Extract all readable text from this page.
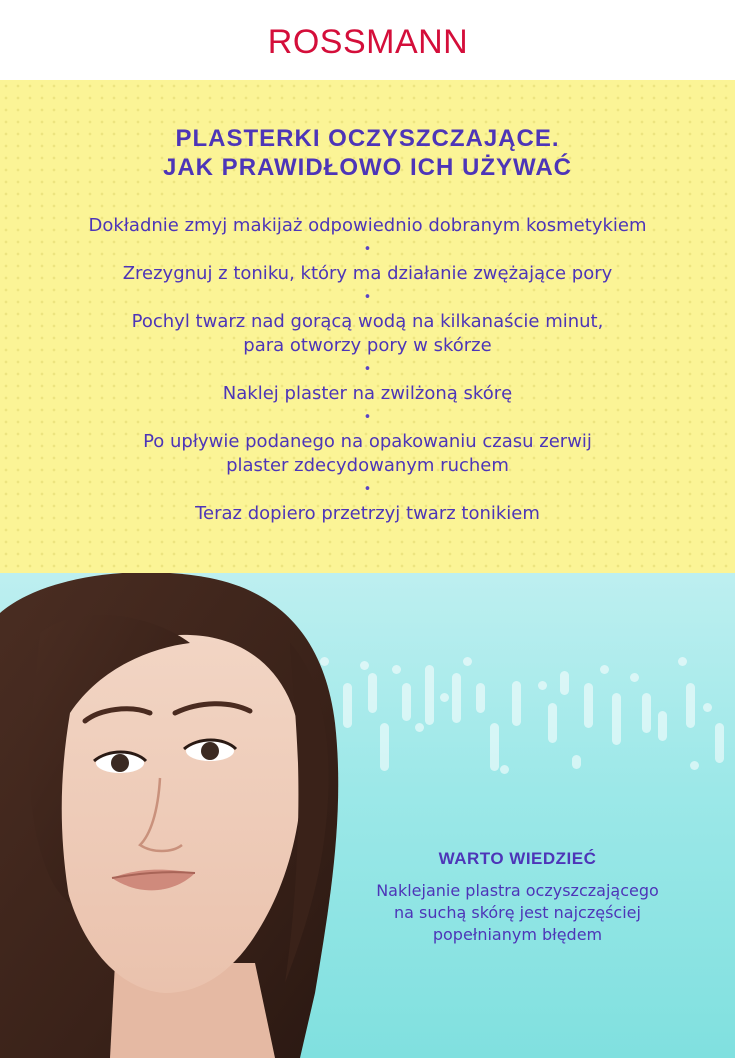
ROSSMANN
PLASTERKI OCZYSZCZAJĄCE.
JAK PRAWIDŁOWO ICH UŻYWAĆ
Dokładnie zmyj makijaż odpowiednio dobranym kosmetykiem
•
Zrezygnuj z toniku, który ma działanie zwężające pory
•
Pochyl twarz nad gorącą wodą na kilkanaście minut,
para otworzy pory w skórze
•
Naklej plaster na zwilżoną skórę
•
Po upływie podanego na opakowaniu czasu zerwij
plaster zdecydowanym ruchem
•
Teraz dopiero przetrzyj twarz tonikiem
WARTO WIEDZIEĆ
Naklejanie plastra oczyszczającego
na suchą skórę jest najczęściej
popełnianym błędem
